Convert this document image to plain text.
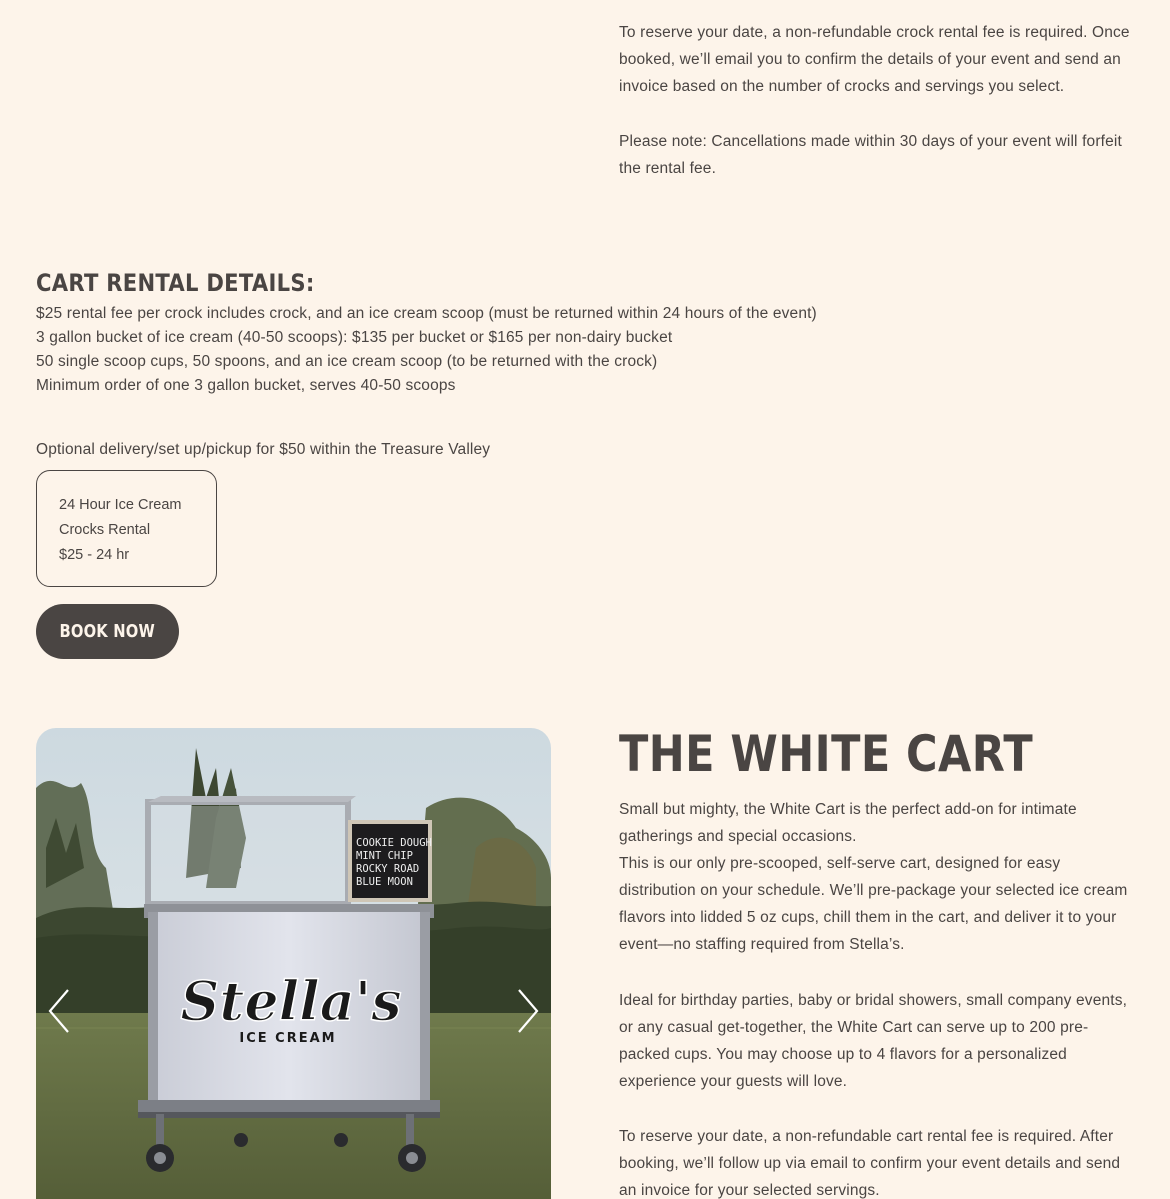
To reserve your date, a non-refundable crock rental fee is required. Once booked, we’ll email you to confirm the details of your event and send an invoice based on the number of crocks and servings you select.

Please note: Cancellations made within 30 days of your event will forfeit the rental fee.

CART RENTAL DETAILS:
$25 rental fee per crock includes crock, and an ice cream scoop (must be returned within 24 hours of the event)
3 gallon bucket of ice cream (40-50 scoops): $135 per bucket or $165 per non-dairy bucket
50 single scoop cups, 50 spoons, and an ice cream scoop (to be returned with the crock)
Minimum order of one 3 gallon bucket, serves 40-50 scoops
Optional delivery/set up/pickup for $50 within the Treasure Valley
24 Hour Ice Cream Crocks Rental
$25 - 24 hr
BOOK NOW
COOKIE DOUGH
MINT CHIP
ROCKY ROAD
BLUE MOON
Stella's
ICE CREAM
THE WHITE CART

Small but mighty, the White Cart is the perfect add-on for intimate gatherings and special occasions.

This is our only pre-scooped, self-serve cart, designed for easy distribution on your schedule. We’ll pre-package your selected ice cream flavors into lidded 5 oz cups, chill them in the cart, and deliver it to your event—no staffing required from Stella’s.

Ideal for birthday parties, baby or bridal showers, small company events, or any casual get-together, the White Cart can serve up to 200 pre-packed cups. You may choose up to 4 flavors for a personalized experience your guests will love.

To reserve your date, a non-refundable cart rental fee is required. After booking, we’ll follow up via email to confirm your event details and send an invoice for your selected servings.
